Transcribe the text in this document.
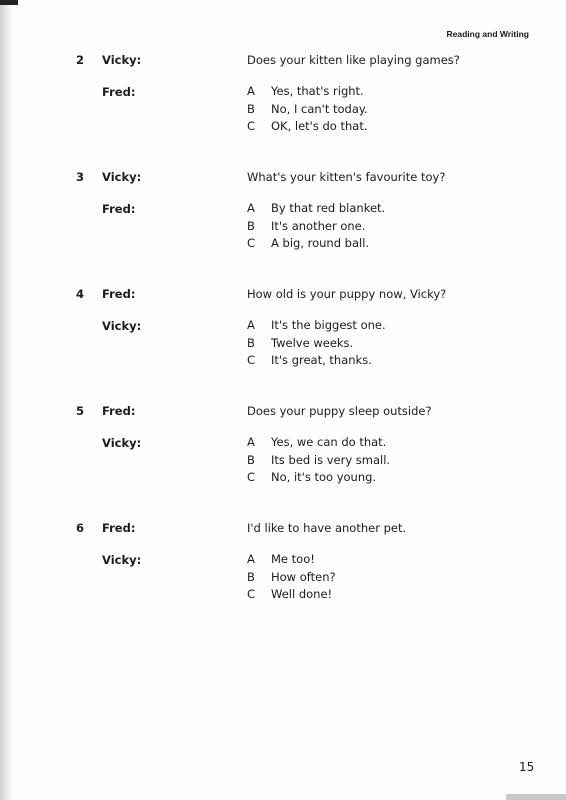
Reading and Writing
2 Vicky:	Does your kitten like playing games?
Fred:	A	Yes, that's right.
B	No, I can't today.
C	OK, let's do that.
3 Vicky:	What's your kitten's favourite toy?
Fred:	A	By that red blanket.
B	It's another one.
C	A big, round ball.
4 Fred:	How old is your puppy now, Vicky?
Vicky:	A	It's the biggest one.
B	Twelve weeks.
C	It's great, thanks.
5 Fred:	Does your puppy sleep outside?
Vicky:	A	Yes, we can do that.
B	Its bed is very small.
C	No, it's too young.
6 Fred:	I'd like to have another pet.
Vicky:	A	Me too!
B	How often?
C	Well done!
15
